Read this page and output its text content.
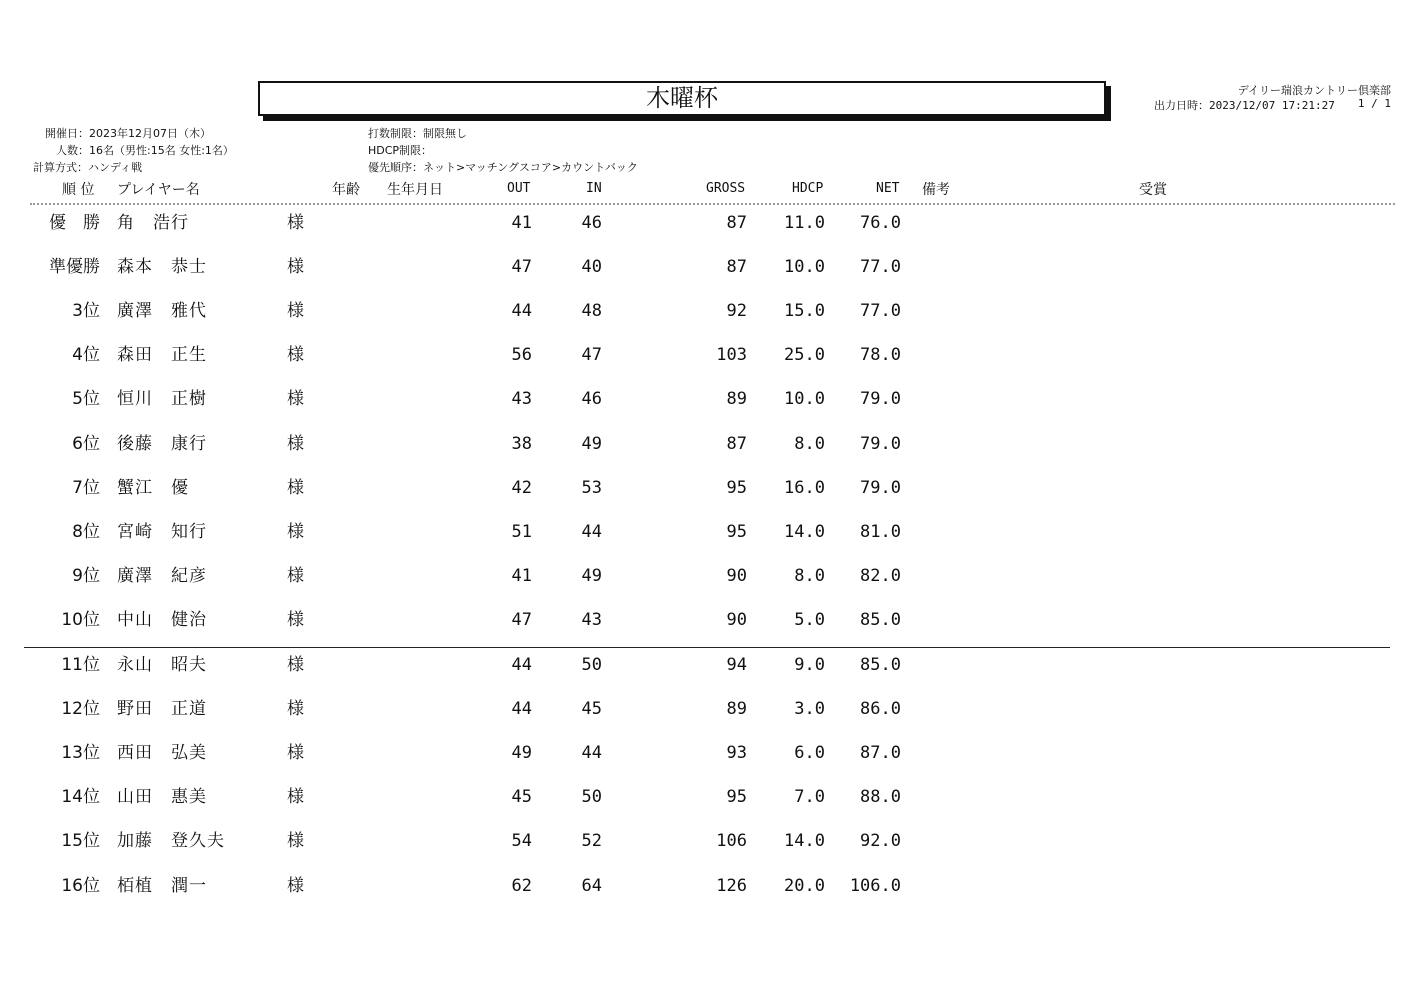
木曜杯	デイリー瑞浪カントリー倶楽部
出力日時：2023/12/07 17:21:27 1 / 1
開催日：2023年12月07日（木）
人数：16名（男性:15名 女性:1名）
計算方式：ハンディ戦
打数制限：制限無し
HDCP制限：
優先順序：ネット>マッチングスコア>カウントバック
順 位 プレイヤー名	年齢 生年月日	OUT	IN	GROSS	HDCP	NET 備考	受賞
優　勝 角　浩行	様	41	46	87 11.0 76.0
準優勝 森本　恭士	様	47	40	87 10.0 77.0
3位 廣澤　雅代	様	44	48	92 15.0 77.0
4位 森田　正生	様	56	47	103 25.0 78.0
5位 恒川　正樹	様	43	46	89 10.0 79.0
6位 後藤　康行	様	38	49	87	8.0 79.0
7位 蟹江　優	様	42	53	95 16.0 79.0
8位 宮崎　知行	様	51	44	95 14.0 81.0
9位 廣澤　紀彦	様	41	49	90	8.0 82.0
10位 中山　健治	様	47	43	90	5.0 85.0
11位 永山　昭夫	様	44	50	94	9.0 85.0
12位 野田　正道	様	44	45	89	3.0 86.0
13位 西田　弘美	様	49	44	93	6.0 87.0
14位 山田　惠美	様	45	50	95	7.0 88.0
15位 加藤　登久夫	様	54	52	106 14.0 92.0
16位 栢植　潤一	様	62	64	126 20.0 106.0
